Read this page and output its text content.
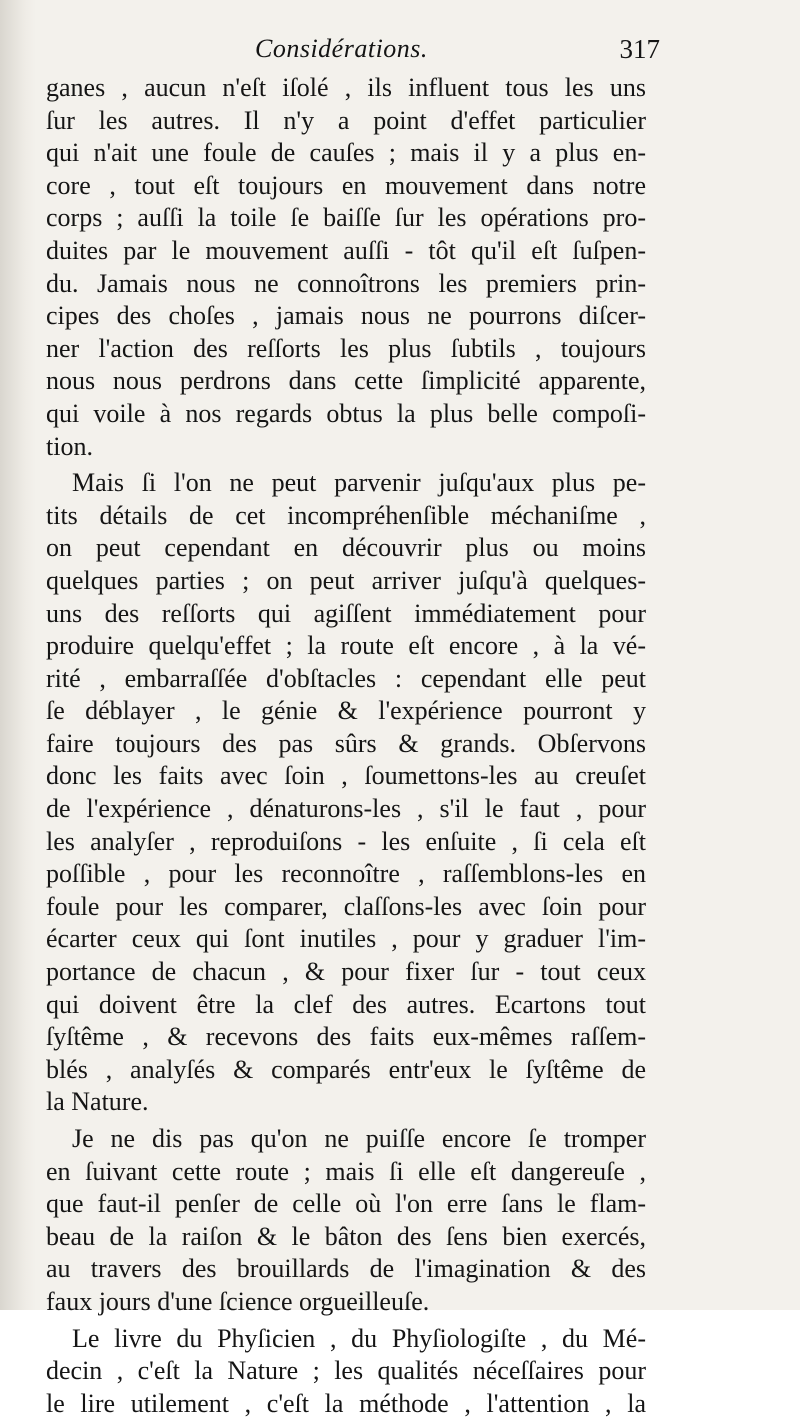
Considérations.	317
ganes , aucun n'eſt iſolé , ils influent tous les uns
ſur les autres. Il n'y a point d'effet particulier
qui n'ait une foule de cauſes ; mais il y a plus en-
core , tout eſt toujours en mouvement dans notre
corps ; auſſi la toile ſe baiſſe ſur les opérations pro-
duites par le mouvement auſſi - tôt qu'il eſt ſuſpen-
du. Jamais nous ne connoîtrons les premiers prin-
cipes des choſes , jamais nous ne pourrons diſcer-
ner l'action des reſſorts les plus ſubtils , toujours
nous nous perdrons dans cette ſimplicité apparente,
qui voile à nos regards obtus la plus belle compoſi-
tion.
Mais ſi l'on ne peut parvenir juſqu'aux plus pe-
tits détails de cet incompréhenſible méchaniſme ,
on peut cependant en découvrir plus ou moins
quelques parties ; on peut arriver juſqu'à quelques-
uns des reſſorts qui agiſſent immédiatement pour
produire quelqu'effet ; la route eſt encore , à la vé-
rité , embarraſſée d'obſtacles : cependant elle peut
ſe déblayer , le génie & l'expérience pourront y
faire toujours des pas sûrs & grands. Obſervons
donc les faits avec ſoin , ſoumettons-les au creuſet
de l'expérience , dénaturons-les , s'il le faut , pour
les analyſer , reproduiſons - les enſuite , ſi cela eſt
poſſible , pour les reconnoître , raſſemblons-les en
foule pour les comparer, claſſons-les avec ſoin pour
écarter ceux qui ſont inutiles , pour y graduer l'im-
portance de chacun , & pour fixer ſur - tout ceux
qui doivent être la clef des autres. Ecartons tout
ſyſtême , & recevons des faits eux-mêmes raſſem-
blés , analyſés & comparés entr'eux le ſyſtême de
la Nature.
Je ne dis pas qu'on ne puiſſe encore ſe tromper
en ſuivant cette route ; mais ſi elle eſt dangereuſe ,
que faut-il penſer de celle où l'on erre ſans le flam-
beau de la raiſon & le bâton des ſens bien exercés,
au travers des brouillards de l'imagination & des
faux jours d'une ſcience orgueilleuſe.
Le livre du Phyſicien , du Phyſiologiſte , du Mé-
decin , c'eſt la Nature ; les qualités néceſſaires pour
le lire utilement , c'eſt la méthode , l'attention , la
